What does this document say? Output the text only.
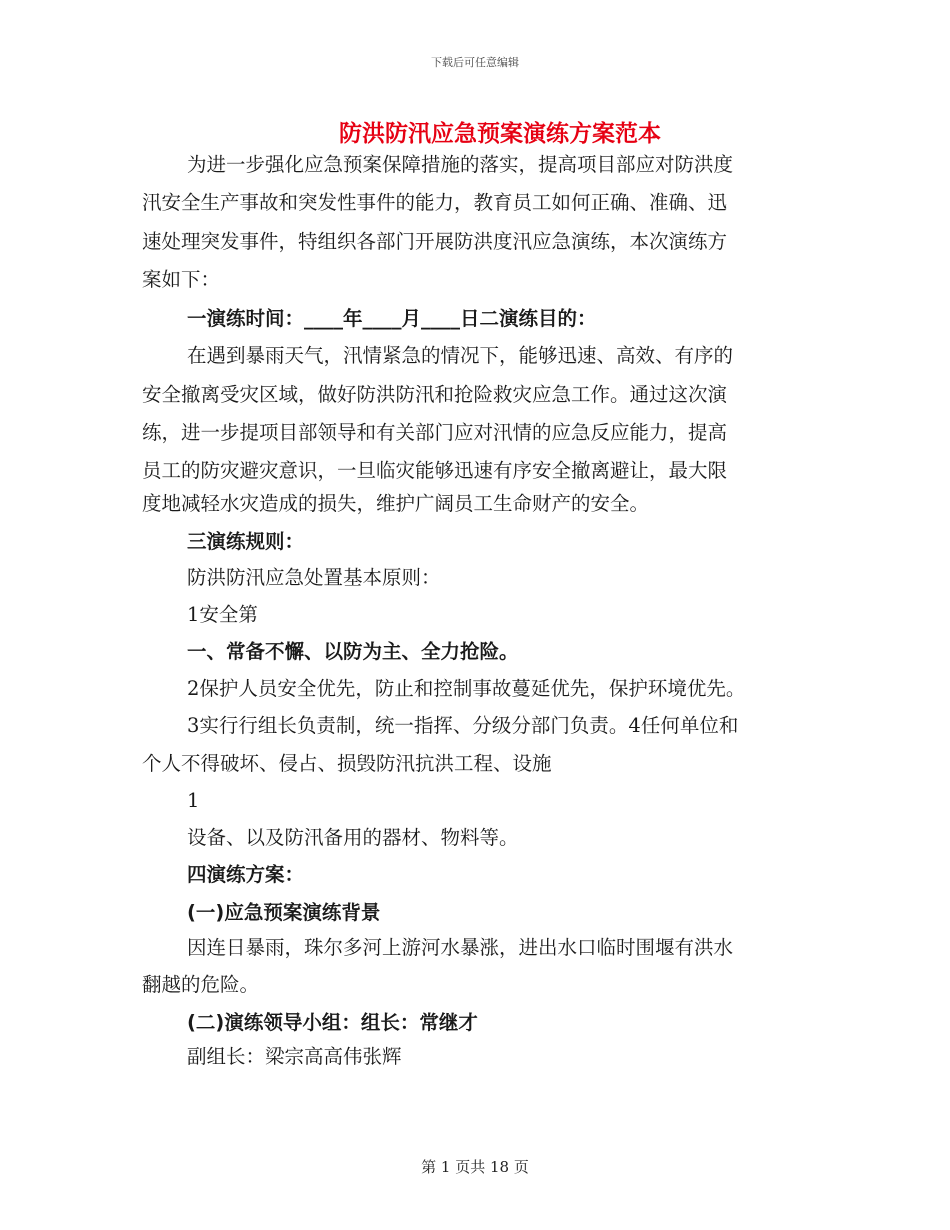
下载后可任意编辑
防洪防汛应急预案演练方案范本
为进一步强化应急预案保障措施的落实，提高项目部应对防洪度
汛安全生产事故和突发性事件的能力，教育员工如何正确、准确、迅
速处理突发事件，特组织各部门开展防洪度汛应急演练，本次演练方
案如下：
一演练时间：____年____月____日二演练目的：
在遇到暴雨天气，汛情紧急的情况下，能够迅速、高效、有序的
安全撤离受灾区域，做好防洪防汛和抢险救灾应急工作。通过这次演
练，进一步提项目部领导和有关部门应对汛情的应急反应能力，提高
员工的防灾避灾意识，一旦临灾能够迅速有序安全撤离避让，最大限
度地减轻水灾造成的损失，维护广阔员工生命财产的安全。
三演练规则：
防洪防汛应急处置基本原则：
1安全第
一、常备不懈、以防为主、全力抢险。
2保护人员安全优先，防止和控制事故蔓延优先，保护环境优先。
3实行行组长负责制，统一指挥、分级分部门负责。4任何单位和
个人不得破坏、侵占、损毁防汛抗洪工程、设施
1
设备、以及防汛备用的器材、物料等。
四演练方案：
(一)应急预案演练背景
因连日暴雨，珠尔多河上游河水暴涨，进出水口临时围堰有洪水
翻越的危险。
(二)演练领导小组：组长：常继才
副组长：梁宗高高伟张辉
第 1 页共 18 页
